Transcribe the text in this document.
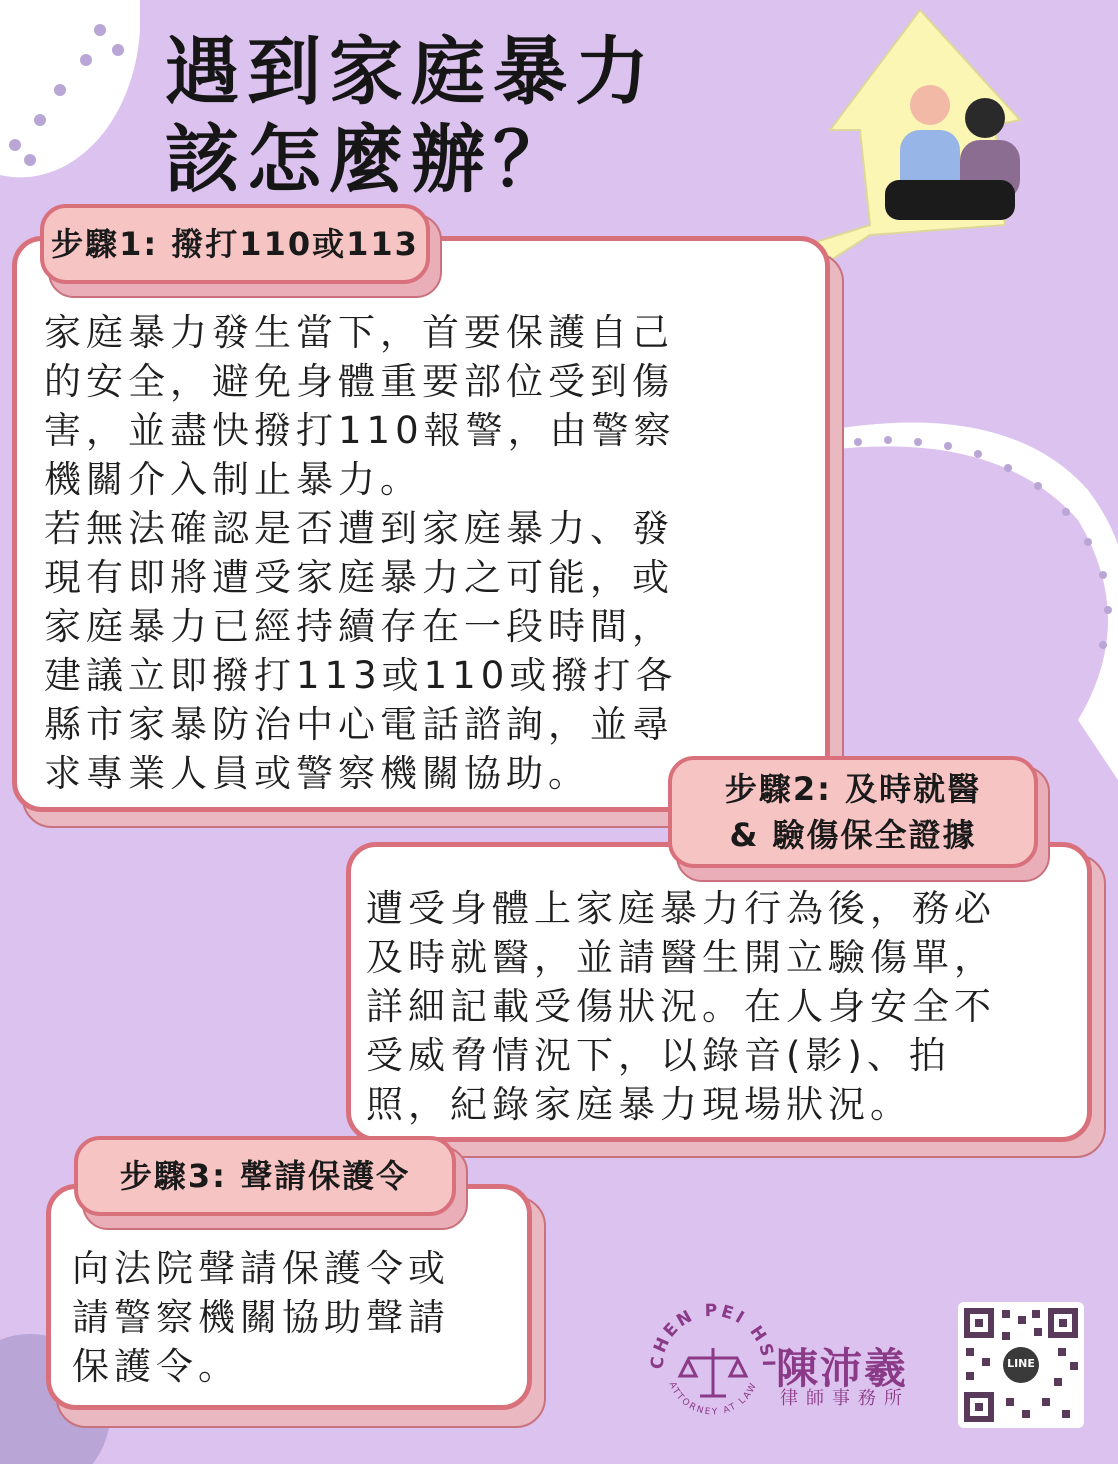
遇到家庭暴力
該怎麼辦？

家庭暴力發生當下，首要保護自己
的安全，避免身體重要部位受到傷
害，並盡快撥打110報警，由警察
機關介入制止暴力。
若無法確認是否遭到家庭暴力、發
現有即將遭受家庭暴力之可能，或
家庭暴力已經持續存在一段時間，
建議立即撥打113或110或撥打各
縣市家暴防治中心電話諮詢，並尋
求專業人員或警察機關協助。

步驟1: 撥打110或113

遭受身體上家庭暴力行為後，務必
及時就醫，並請醫生開立驗傷單，
詳細記載受傷狀況。在人身安全不
受威脅情況下，以錄音(影)、拍
照，紀錄家庭暴力現場狀況。

步驟2: 及時就醫
& 驗傷保全證據

向法院聲請保護令或
請警察機關協助聲請
保護令。

步驟3: 聲請保護令
CHEN PEI HSI
ATTORNEY AT LAW 陳沛羲
律師事務所
LINE
